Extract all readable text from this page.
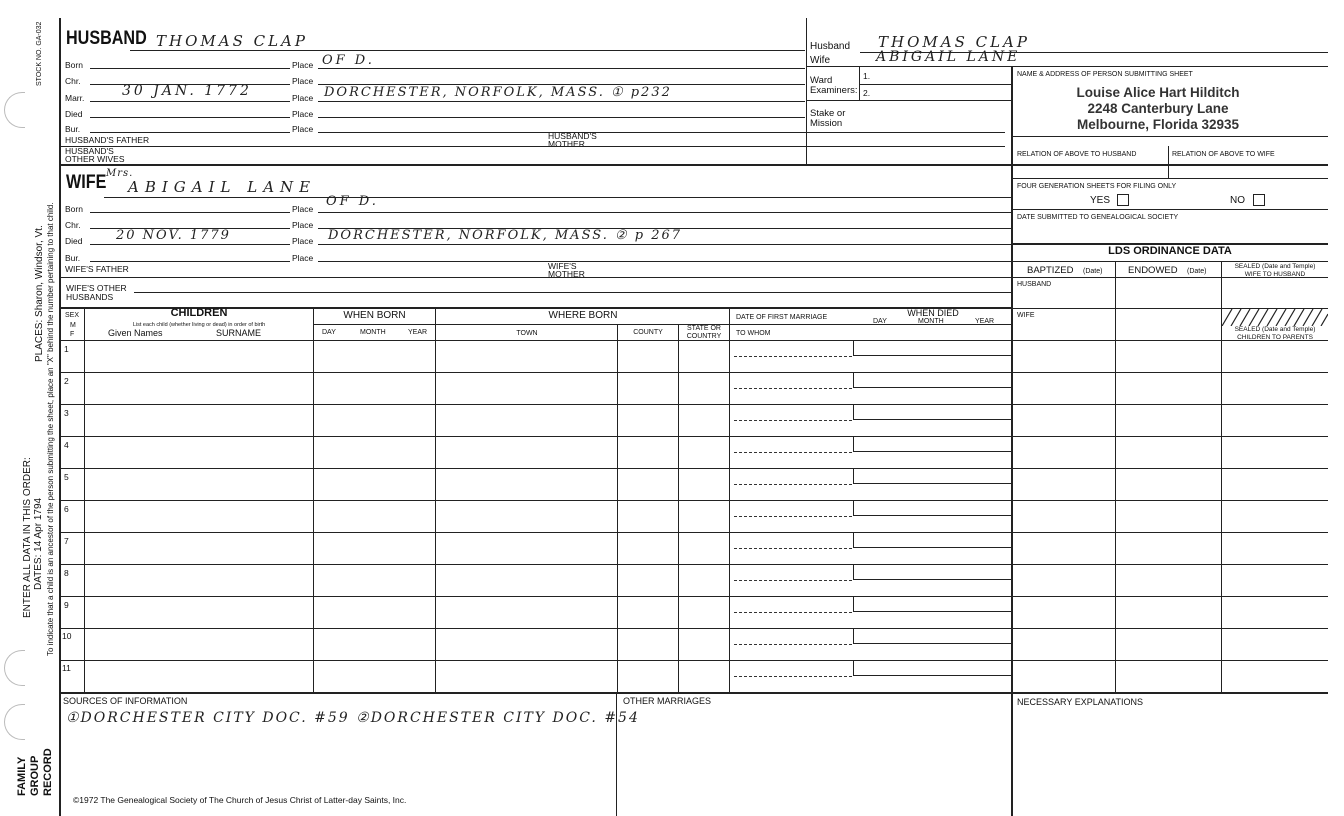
STOCK NO. GA-032
PLACES: Sharon, Windsor, Vt. To indicate that a child is an ancestor of the person submitting the sheet, place an "X" behind the number pertaining to that child.
ENTER ALL DATA IN THIS ORDER: DATES: 14 Apr 1794
FAMILY GROUP RECORD
HUSBAND THOMAS CLAP
Born	Place OF D.
Chr.	Place
Marr.	30 JAN. 1772	Place DORCHESTER, NORFOLK, MASS. ① p232
Died	Place
Bur.	Place
HUSBAND'S FATHER	HUSBAND'S
MOTHER
HUSBAND'S
OTHER WIVES
Husband THOMAS CLAP
Wife	ABIGAIL LANE
Ward
Examiners:
1.
2.
Stake or
Mission
NAME & ADDRESS OF PERSON SUBMITTING SHEET
Louise Alice Hart Hilditch
2248 Canterbury Lane
Melbourne, Florida 32935
RELATION OF ABOVE TO HUSBAND	RELATION OF ABOVE TO WIFE
FOUR GENERATION SHEETS FOR FILING ONLY
YES	NO
DATE SUBMITTED TO GENEALOGICAL SOCIETY
LDS ORDINANCE DATA
BAPTIZED (Date)	ENDOWED (Date)
SEALED (Date and Temple)
WIFE TO HUSBAND
HUSBAND
WIFE
SEALED (Date and Temple)
CHILDREN TO PARENTS
Mrs.
WIFE ABIGAIL LANE
Born	Place OF D.
Chr.	Place
Died	20 NOV. 1779	Place DORCHESTER, NORFOLK, MASS. ② p 267
Bur.	Place
WIFE'S FATHER	WIFE'S
MOTHER
WIFE'S OTHER
HUSBANDS
SEX
M
F
CHILDREN
List each child (whether living or dead) in order of birth
Given Names	SURNAME
WHEN BORN
DAY	MONTH	YEAR
WHERE BORN
TOWN	COUNTY
STATE OR
COUNTRY
DATE OF FIRST MARRIAGE
TO WHOM
WHEN DIED
DAY	MONTH	YEAR
1
2
3
4
5
6
7
8
9
10
11
SOURCES OF INFORMATION
①DORCHESTER CITY DOC. #59 ②DORCHESTER CITY DOC. #54
OTHER MARRIAGES	NECESSARY EXPLANATIONS
©1972 The Genealogical Society of The Church of Jesus Christ of Latter-day Saints, Inc.
